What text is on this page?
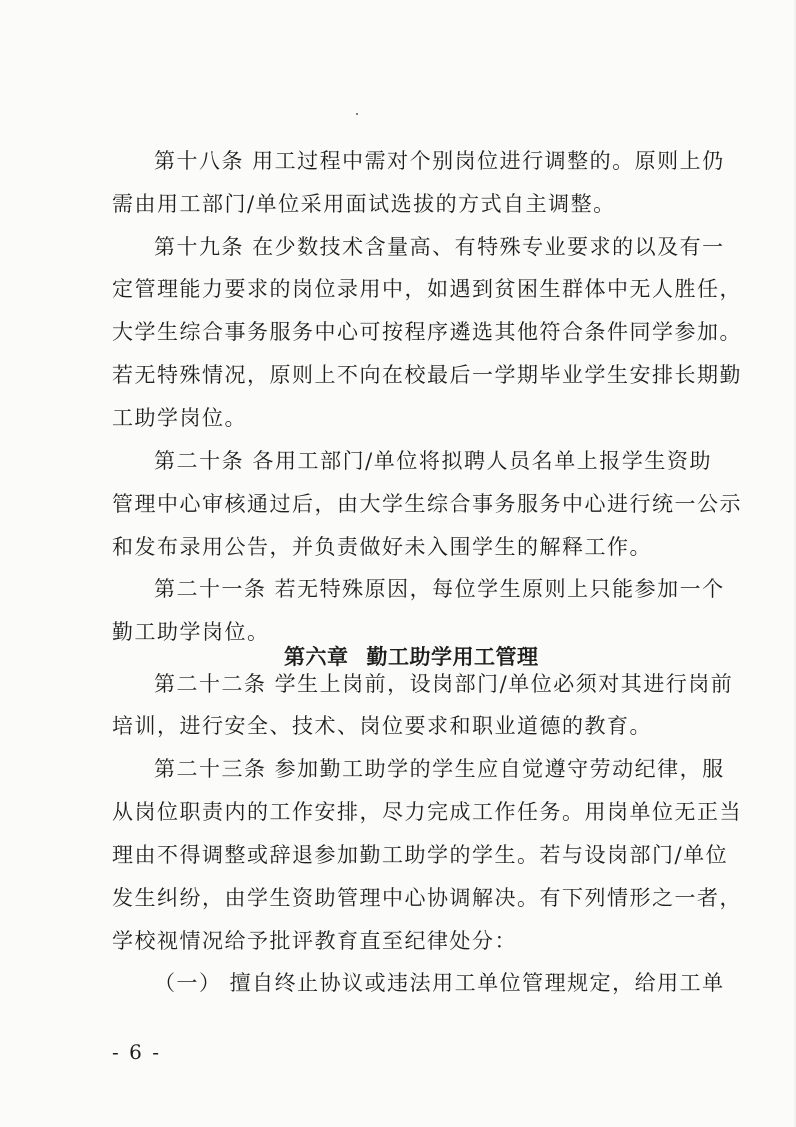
第十八条 用工过程中需对个别岗位进行调整的。原则上仍
需由用工部门/单位采用面试选拔的方式自主调整。
第十九条 在少数技术含量高、有特殊专业要求的以及有一
定管理能力要求的岗位录用中，如遇到贫困生群体中无人胜任，
大学生综合事务服务中心可按程序遴选其他符合条件同学参加。
若无特殊情况，原则上不向在校最后一学期毕业学生安排长期勤
工助学岗位。
第二十条 各用工部门/单位将拟聘人员名单上报学生资助
管理中心审核通过后，由大学生综合事务服务中心进行统一公示
和发布录用公告，并负责做好未入围学生的解释工作。
第二十一条 若无特殊原因，每位学生原则上只能参加一个
勤工助学岗位。
第六章 勤工助学用工管理
第二十二条 学生上岗前，设岗部门/单位必须对其进行岗前
培训，进行安全、技术、岗位要求和职业道德的教育。
第二十三条 参加勤工助学的学生应自觉遵守劳动纪律，服
从岗位职责内的工作安排，尽力完成工作任务。用岗单位无正当
理由不得调整或辞退参加勤工助学的学生。若与设岗部门/单位
发生纠纷，由学生资助管理中心协调解决。有下列情形之一者，
学校视情况给予批评教育直至纪律处分：
（一） 擅自终止协议或违法用工单位管理规定，给用工单
- 6 -
